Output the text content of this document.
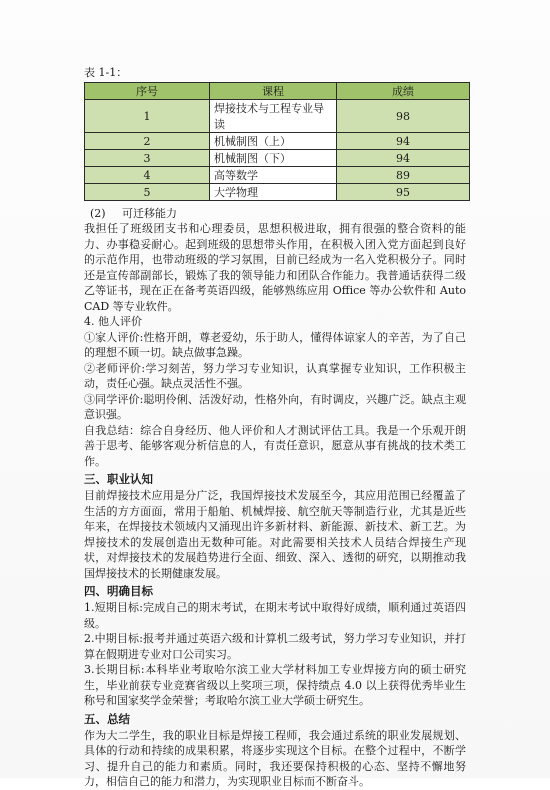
表 1-1：
序号	课程	成绩
1	焊接技术与工程专业导读	98
2	机械制图（上）	94
3	机械制图（下）	94
4	高等数学	89
5	大学物理	95
(2) 可迁移能力

我担任了班级团支书和心理委员，思想积极进取，拥有很强的整合资料的能力、办事稳妥耐心。起到班级的思想带头作用，在积极入团入党方面起到良好的示范作用，也带动班级的学习氛围，目前已经成为一名入党积极分子。同时还是宣传部副部长，锻炼了我的领导能力和团队合作能力。我普通话获得二级乙等证书，现在正在备考英语四级，能够熟练应用 Office 等办公软件和 Auto CAD 等专业软件。

4. 他人评价

①家人评价:性格开朗，尊老爱幼，乐于助人，懂得体谅家人的辛苦，为了自己的理想不顾一切。缺点做事急躁。

②老师评价:学习刻苦，努力学习专业知识，认真掌握专业知识，工作积极主动，责任心强。缺点灵活性不强。

③同学评价:聪明伶俐、活泼好动，性格外向，有时调皮，兴趣广泛。缺点主观意识强。

自我总结：综合自身经历、他人评价和人才测试评估工具。我是一个乐观开朗善于思考、能够客观分析信息的人，有责任意识，愿意从事有挑战的技术类工作。

三、职业认知

目前焊接技术应用是分广泛，我国焊接技术发展至今，其应用范围已经覆盖了生活的方方面面，常用于船舶、机械焊接、航空航天等制造行业，尤其是近些年来，在焊接技术领域内又涌现出许多新材料、新能源、新技术、新工艺。为焊接技术的发展创造出无数种可能。对此需要相关技术人员结合焊接生产现状，对焊接技术的发展趋势进行全面、细致、深入、透彻的研究，以期推动我国焊接技术的长期健康发展。

四、明确目标

1.短期目标:完成自己的期末考试，在期末考试中取得好成绩，顺利通过英语四级。

2.中期目标:报考并通过英语六级和计算机二级考试，努力学习专业知识，并打算在假期进专业对口公司实习。

3.长期目标:本科毕业考取哈尔滨工业大学材料加工专业焊接方向的硕士研究生，毕业前获专业竞赛省级以上奖项三项，保持绩点 4.0 以上获得优秀毕业生称号和国家奖学金荣誉；考取哈尔滨工业大学硕士研究生。

五、总结

作为大二学生，我的职业目标是焊接工程师，我会通过系统的职业发展规划、具体的行动和持续的成果积累，将逐步实现这个目标。在整个过程中，不断学习、提升自己的能力和素质。同时，我还要保持积极的心态、坚持不懈地努力，相信自己的能力和潜力，为实现职业目标而不断奋斗。
